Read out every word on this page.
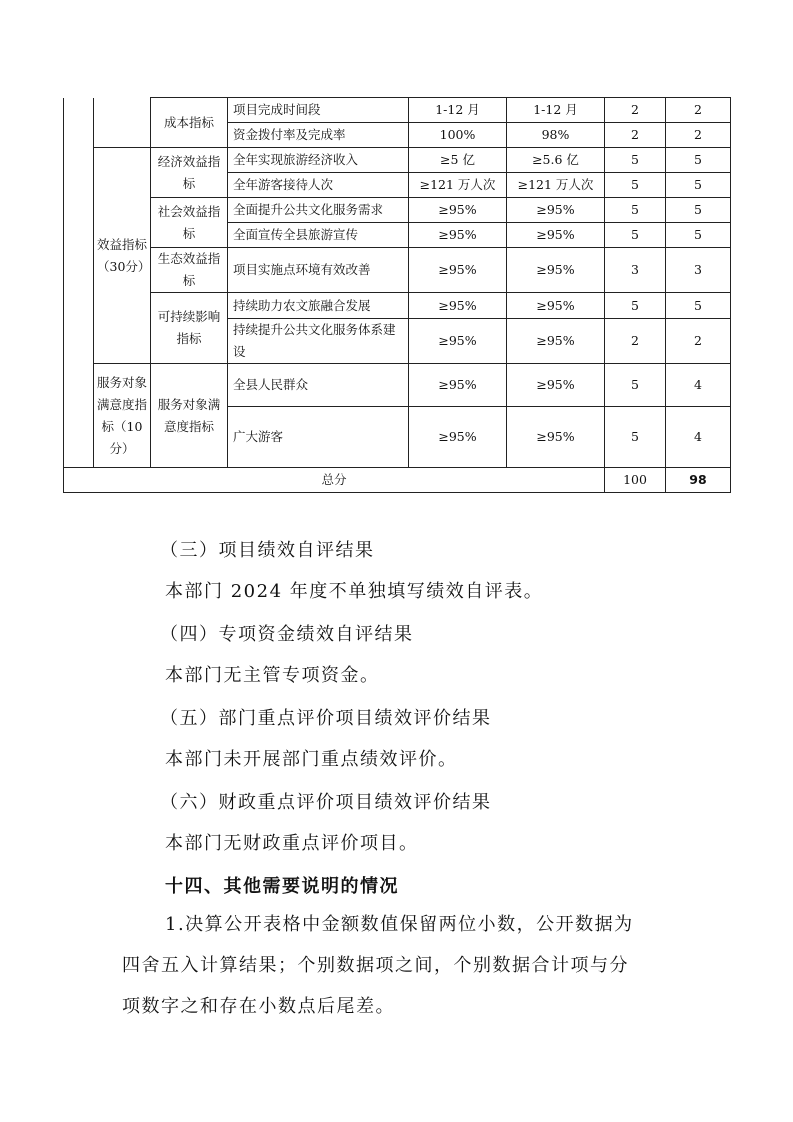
		成本指标	项目完成时间段	1-12 月	1-12 月	2	2
			资金拨付率及完成率	100%	98%	2	2
	效益指标（30分）	经济效益指标	全年实现旅游经济收入	≥5 亿	≥5.6 亿	5	5
			全年游客接待人次	≥121 万人次	≥121 万人次	5	5
		社会效益指标	全面提升公共文化服务需求	≥95%	≥95%	5	5
			全面宣传全县旅游宣传	≥95%	≥95%	5	5
		生态效益指标	项目实施点环境有效改善	≥95%	≥95%	3	3
		可持续影响指标	持续助力农文旅融合发展	≥95%	≥95%	5	5
			持续提升公共文化服务体系建设	≥95%	≥95%	2	2
	服务对象满意度指标（10分）	服务对象满意度指标	全县人民群众	≥95%	≥95%	5	4
			广大游客	≥95%	≥95%	5	4
总分						100	98
（三）项目绩效自评结果
本部门 2024 年度不单独填写绩效自评表。
（四）专项资金绩效自评结果
本部门无主管专项资金。
（五）部门重点评价项目绩效评价结果
本部门未开展部门重点绩效评价。
（六）财政重点评价项目绩效评价结果
本部门无财政重点评价项目。
十四、其他需要说明的情况
1.决算公开表格中金额数值保留两位小数，公开数据为
四舍五入计算结果；个别数据项之间，个别数据合计项与分
项数字之和存在小数点后尾差。
